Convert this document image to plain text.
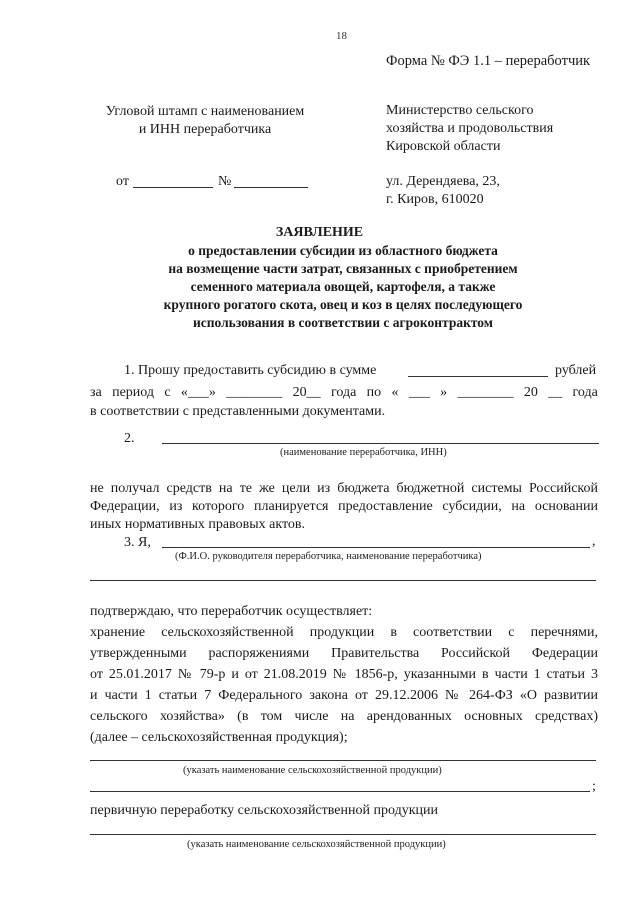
18
Форма № ФЭ 1.1 – переработчик
Угловой штамп с наименованием
и ИНН переработчика
от	№
Министерство сельского
хозяйства и продовольствия
Кировской области
ул. Дерендяева, 23,
г. Киров, 610020
ЗАЯВЛЕНИЕ
о предоставлении субсидии из областного бюджета
на возмещение части затрат, связанных с приобретением
семенного материала овощей, картофеля, а также
крупного рогатого скота, овец и коз в целях последующего
использования в соответствии с агроконтрактом
1. Прошу предоставить субсидию в сумме	рублей
за период с «___» ________ 20__ года по « ___ » ________ 20 __ года
в соответствии с представленными документами.
2.
(наименование переработчика, ИНН)
не получал средств на те же цели из бюджета бюджетной системы Российской
Федерации, из которого планируется предоставление субсидии, на основании
иных нормативных правовых актов.
3. Я,	,
(Ф.И.О. руководителя переработчика, наименование переработчика)
подтверждаю, что переработчик осуществляет:
хранение сельскохозяйственной продукции в соответствии с перечнями,
утвержденными распоряжениями Правительства Российской Федерации
от 25.01.2017 № 79-р и от 21.08.2019 № 1856-р, указанными в части 1 статьи 3
и части 1 статьи 7 Федерального закона от 29.12.2006 № 264-ФЗ «О развитии
сельского хозяйства» (в том числе на арендованных основных средствах)
(далее – сельскохозяйственная продукция);
(указать наименование сельскохозяйственной продукции)
;
первичную переработку сельскохозяйственной продукции
(указать наименование сельскохозяйственной продукции)
